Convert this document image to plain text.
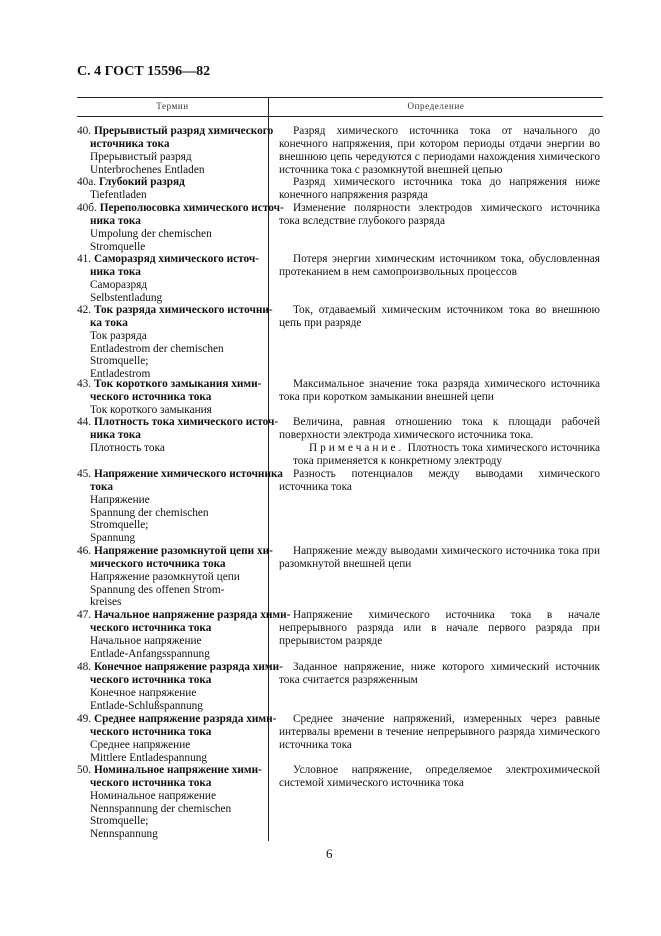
С. 4 ГОСТ 15596—82
Термин	Определение
40. Прерывистый разряд химического
источника тока
Прерывистый разряд
Unterbrochenes Entladen

Разряд химического источника тока от начального до конечного напряжения, при котором периоды отдачи энергии во внешнюю цепь чередуются с периодами нахождения химического источника тока с разомкнутой внешней цепью

40а. Глубокий разряд
Tiefentladen

Разряд химического источника тока до напряжения ниже конечного напряжения разряда

40б. Переполюсовка химического источ-
ника тока
Umpolung der chemischen
Stromquelle

Изменение полярности электродов химического источника тока вследствие глубокого разряда

41. Саморазряд химического источ-
ника тока
Саморазряд
Selbstentladung

Потеря энергии химическим источником тока, обусловленная протеканием в нем самопроизвольных процессов

42. Ток разряда химического источни-
ка тока
Ток разряда
Entladestrom der chemischen
Stromquelle;
Entladestrom

Ток, отдаваемый химическим источником тока во внешнюю цепь при разряде

43. Ток короткого замыкания хими-
ческого источника тока
Ток короткого замыкания

Максимальное значение тока разряда химического источника тока при коротком замыкании внешней цепи

44. Плотность тока химического источ-
ника тока
Плотность тока

Величина, равная отношению тока к площади рабочей поверхности электрода химического источника тока.

Примечание. Плотность тока химического источника тока применяется к конкретному электроду

45. Напряжение химического источника
тока
Напряжение
Spannung der chemischen
Stromquelle;
Spannung

Разность потенциалов между выводами химического источника тока

46. Напряжение разомкнутой цепи хи-
мического источника тока
Напряжение разомкнутой цепи
Spannung des offenen Strom-
kreises

Напряжение между выводами химического источника тока при разомкнутой внешней цепи

47. Начальное напряжение разряда хими-
ческого источника тока
Начальное напряжение
Entlade-Anfangsspannung

Напряжение химического источника тока в начале непрерывного разряда или в начале первого разряда при прерывистом разряде

48. Конечное напряжение разряда хими-
ческого источника тока
Конечное напряжение
Entlade-Schlußspannung

Заданное напряжение, ниже которого химический источник тока считается разряженным

49. Среднее напряжение разряда хими-
ческого источника тока
Среднее напряжение
Mittlere Entladespannung

Среднее значение напряжений, измеренных через равные интервалы времени в течение непрерывного разряда химического источника тока

50. Номинальное напряжение хими-
ческого источника тока
Номинальное напряжение
Nennspannung der chemischen
Stromquelle;
Nennspannung

Условное напряжение, определяемое электрохимической системой химического источника тока

6
